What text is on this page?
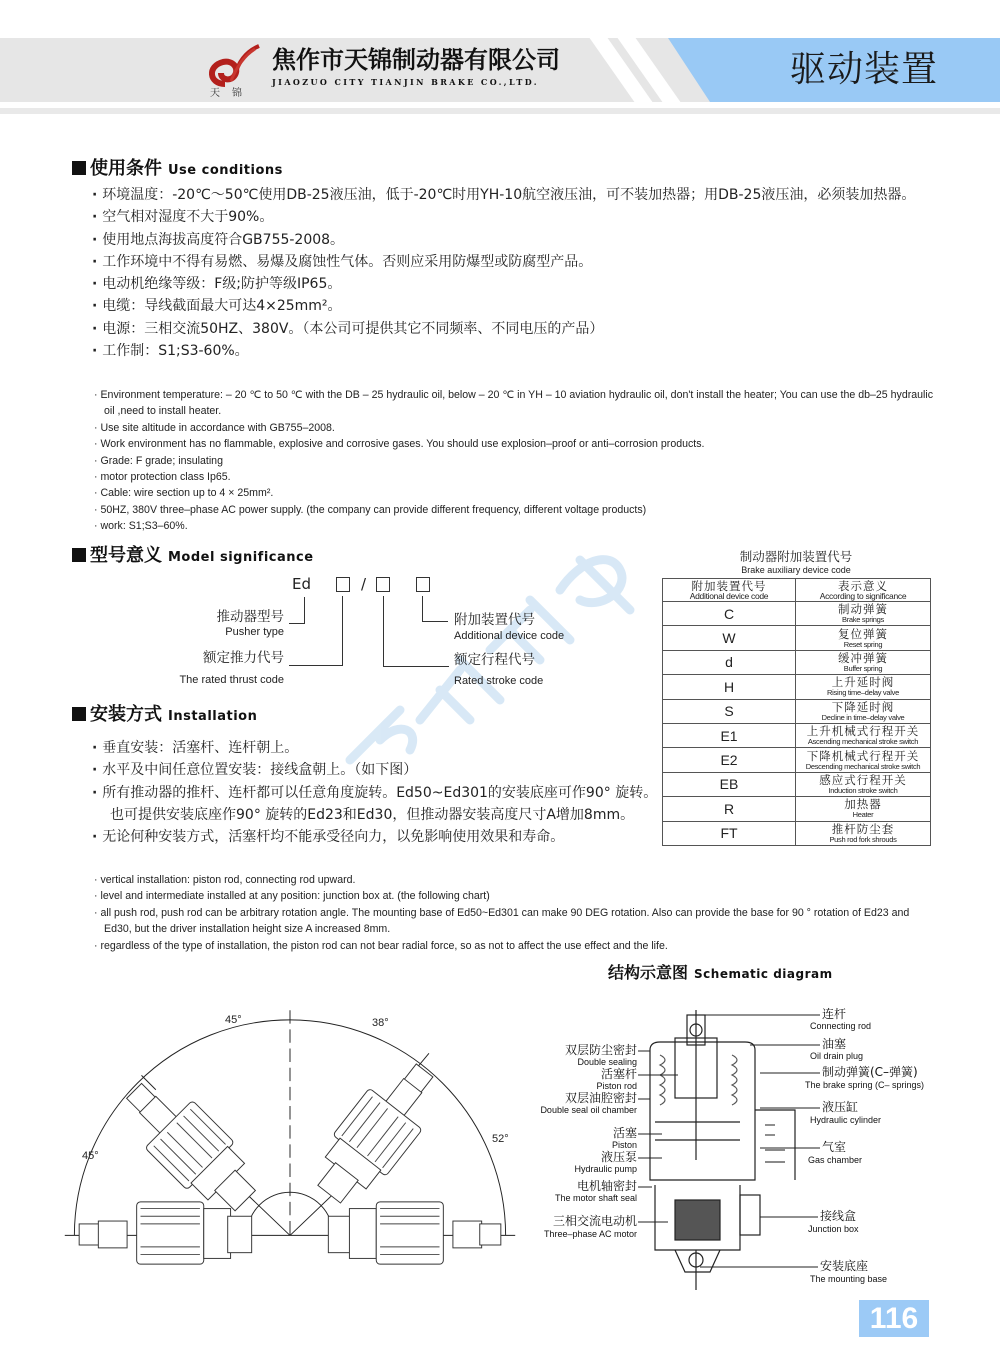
天锦
焦作市天锦制动器有限公司
JIAOZUO CITY TIANJIN BRAKE CO.,LTD.	驱动装置
使用条件 Use conditions
· 环境温度：-20℃～50℃使用DB-25液压油，低于-20℃时用YH-10航空液压油，可不装加热器；用DB-25液压油，必须装加热器。
· 空气相对湿度不大于90%。
· 使用地点海拔高度符合GB755-2008。
· 工作环境中不得有易燃、易爆及腐蚀性气体。否则应采用防爆型或防腐型产品。
· 电动机绝缘等级：F级;防护等级IP65。
· 电缆：导线截面最大可达4×25mm²。
· 电源：三相交流50HZ、380V。（本公司可提供其它不同频率、不同电压的产品）
· 工作制：S1;S3-60%。
· Environment temperature: – 20 ℃ to 50 ℃ with the DB – 25 hydraulic oil, below – 20 ℃ in YH – 10 aviation hydraulic oil, don't install the heater; You can use the db–25 hydraulic oil ,need to install heater.
· Use site altitude in accordance with GB755–2008.
· Work environment has no flammable, explosive and corrosive gases. You should use explosion–proof or anti–corrosion products.
· Grade: F grade; insulating
· motor protection class Ip65.
· Cable: wire section up to 4 × 25mm².
· 50HZ, 380V three–phase AC power supply. (the company can provide different frequency, different voltage products)
· work: S1;S3–60%.
型号意义 Model significance
Ed	/
推动器型号
Pusher type
额定推力代号
The rated thrust code
附加装置代号
Additional device code
额定行程代号
Rated stroke code
制动器附加装置代号
Brake auxiliary device code
附加装置代号
Additional device code	表示意义
According to significance

C	制动弹簧
Brake springs

W	复位弹簧
Reset spring

d	缓冲弹簧
Buffer spring

H	上升延时阀
Rising time–delay valve

S	下降延时阀
Decline in time–delay valve

E1	上升机械式行程开关
Ascending mechanical stroke switch

E2	下降机械式行程开关
Descending mechanical stroke switch

EB	感应式行程开关
Induction stroke switch

R	加热器
Heater

FT	推杆防尘套
Push rod fork shrouds
安装方式 Installation
· 垂直安装：活塞杆、连杆朝上。
· 水平及中间任意位置安装：接线盒朝上。（如下图）
· 所有推动器的推杆、连杆都可以任意角度旋转。Ed50~Ed301的安装底座可作90° 旋转。也可提供安装底座作90° 旋转的Ed23和Ed30，但推动器安装高度尺寸A增加8mm。
· 无论何种安装方式，活塞杆均不能承受径向力，以免影响使用效果和寿命。
· vertical installation: piston rod, connecting rod upward.
· level and intermediate installed at any position: junction box at. (the following chart)
· all push rod, push rod can be arbitrary rotation angle. The mounting base of Ed50~Ed301 can make 90 DEG rotation. Also can provide the base for 90 ° rotation of Ed23 and Ed30, but the driver installation height size A increased 8mm.
· regardless of the type of installation, the piston rod can not bear radial force, so as not to affect the use effect and the life.
45°	38°
45°
52°
结构示意图 Schematic diagram
双层防尘密封
Double sealing
活塞杆
Piston rod
双层油腔密封
Double seal oil chamber
活塞
Piston
液压泵
Hydraulic pump
电机轴密封
The motor shaft seal
三相交流电动机
Three–phase AC motor
连杆
Connecting rod
油塞
Oil drain plug
制动弹簧(C–弹簧)
The brake spring (C– springs)
液压缸
Hydraulic cylinder
气室
Gas chamber
接线盒
Junction box
安装底座
The mounting base
116
